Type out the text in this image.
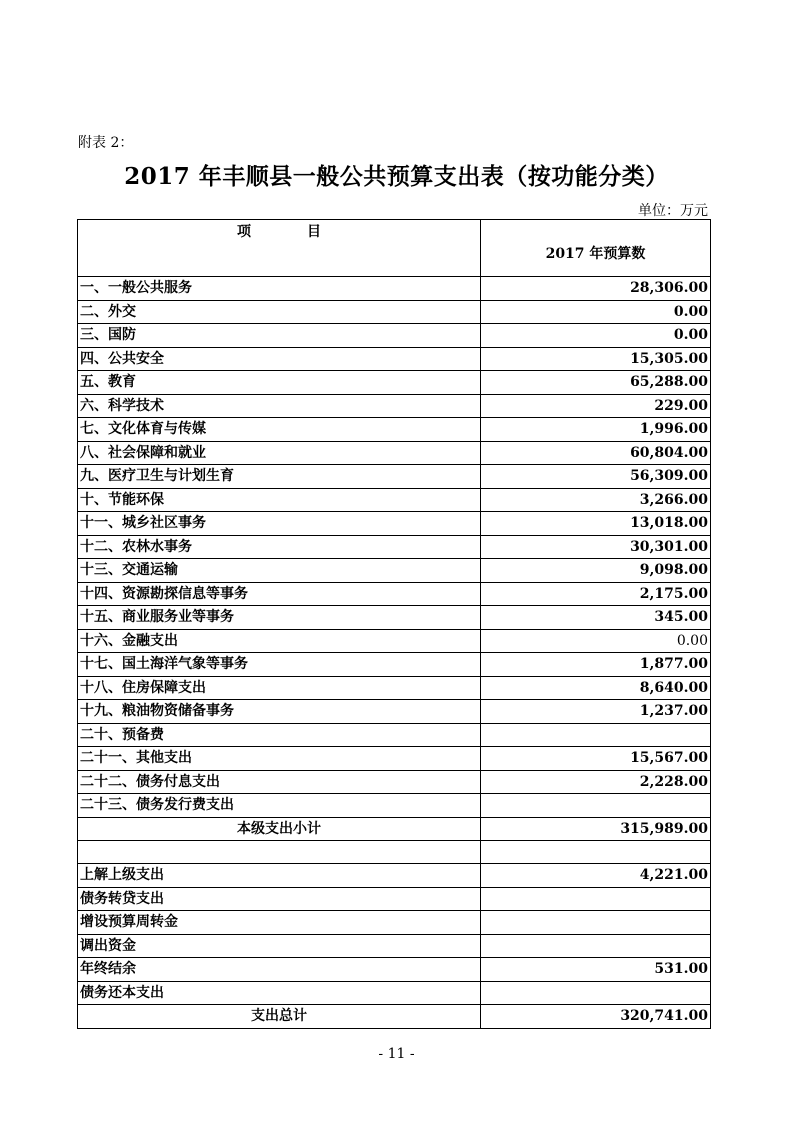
附表 2：
2017 年丰顺县一般公共预算支出表（按功能分类）
单位：万元
项　　　　目	2017 年预算数
一、一般公共服务	28,306.00
二、外交	0.00
三、国防	0.00
四、公共安全	15,305.00
五、教育	65,288.00
六、科学技术	229.00
七、文化体育与传媒	1,996.00
八、社会保障和就业	60,804.00
九、医疗卫生与计划生育	56,309.00
十、节能环保	3,266.00
十一、城乡社区事务	13,018.00
十二、农林水事务	30,301.00
十三、交通运输	9,098.00
十四、资源勘探信息等事务	2,175.00
十五、商业服务业等事务	345.00
十六、金融支出	0.00
十七、国土海洋气象等事务	1,877.00
十八、住房保障支出	8,640.00
十九、粮油物资储备事务	1,237.00
二十、预备费	
二十一、其他支出	15,567.00
二十二、债务付息支出	2,228.00
二十三、债务发行费支出	
本级支出小计	315,989.00

上解上级支出	4,221.00
债务转贷支出	
增设预算周转金	
调出资金	
年终结余	531.00
债务还本支出	
支出总计	320,741.00
- 11 -
